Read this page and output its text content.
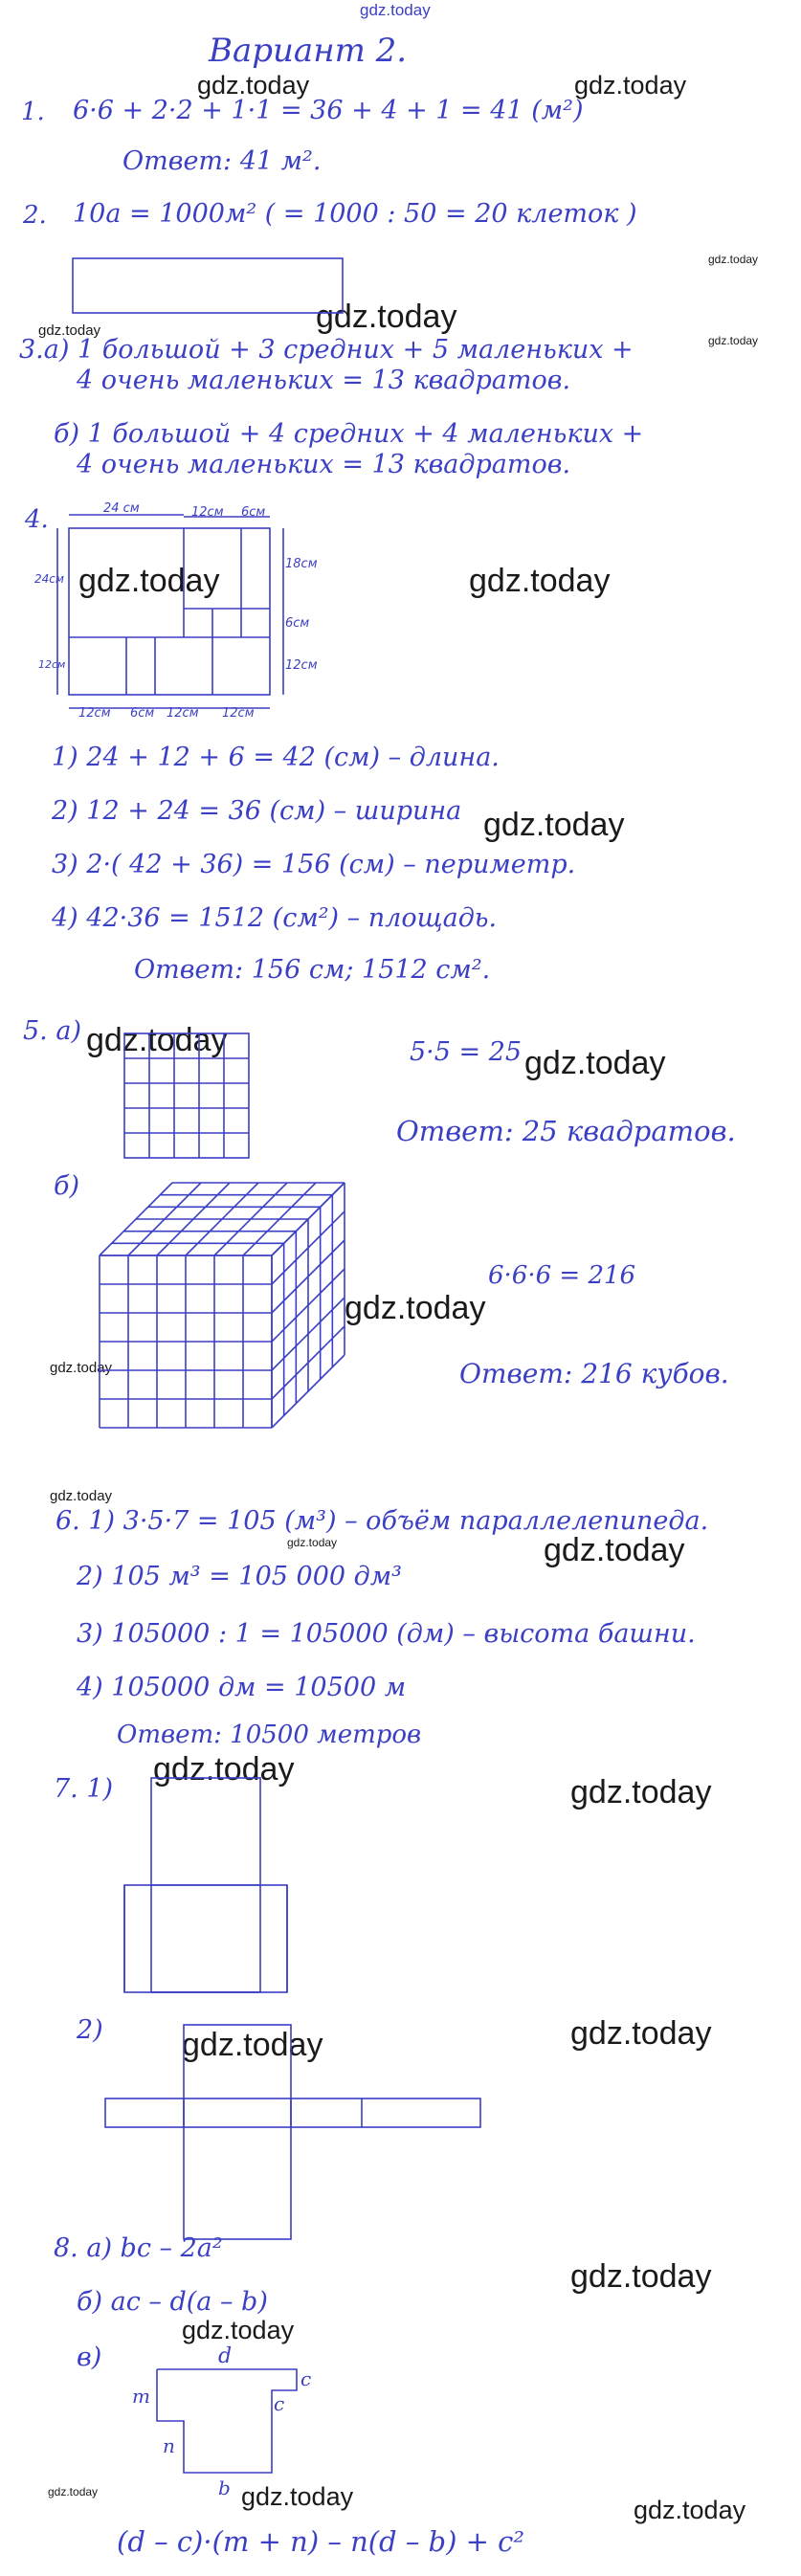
gdz.today
Вариант 2.
gdz.today	gdz.today
gdz.today
gdz.today	gdz.today
gdz.today
gdz.today	gdz.today
gdz.today
gdz.today
gdz.today
gdz.today
gdz.today
gdz.today
gdz.today	gdz.today
gdz.today
gdz.today
gdz.today	gdz.today
gdz.today
gdz.today
gdz.today	gdz.today	gdz.today
1. 6·6 + 2·2 + 1·1 = 36 + 4 + 1 = 41 (м²)
Ответ: 41 м².
2. 10а = 1000м² ( = 1000 : 50 = 20 клеток )
3.а) 1 большой + 3 средних + 5 маленьких +
4 очень маленьких = 13 квадратов.
б) 1 большой + 4 средних + 4 маленьких +
4 очень маленьких = 13 квадратов.
4.	24 см	12см 6см
24см
12см
18см
6см
12см
12см 6см 12см 12см
1) 24 + 12 + 6 = 42 (см) – длина.
2) 12 + 24 = 36 (см) – ширина
3) 2·( 42 + 36) = 156 (см) – периметр.
4) 42·36 = 1512 (см²) – площадь.
Ответ: 156 см; 1512 см².
5. а)
5·5 = 25
Ответ: 25 квадратов.
б)
6·6·6 = 216
Ответ: 216 кубов.
6. 1) 3·5·7 = 105 (м³) – объём параллелепипеда.
2) 105 м³ = 105 000 дм³
3) 105000 : 1 = 105000 (дм) – высота башни.
4) 105000 дм = 10500 м
Ответ: 10500 метров
7. 1)
2)
8. а) bc – 2a²
б) ac – d(a – b)
в)	d
c
c
m
n
b
(d – c)·(m + n) – n(d – b) + c²
